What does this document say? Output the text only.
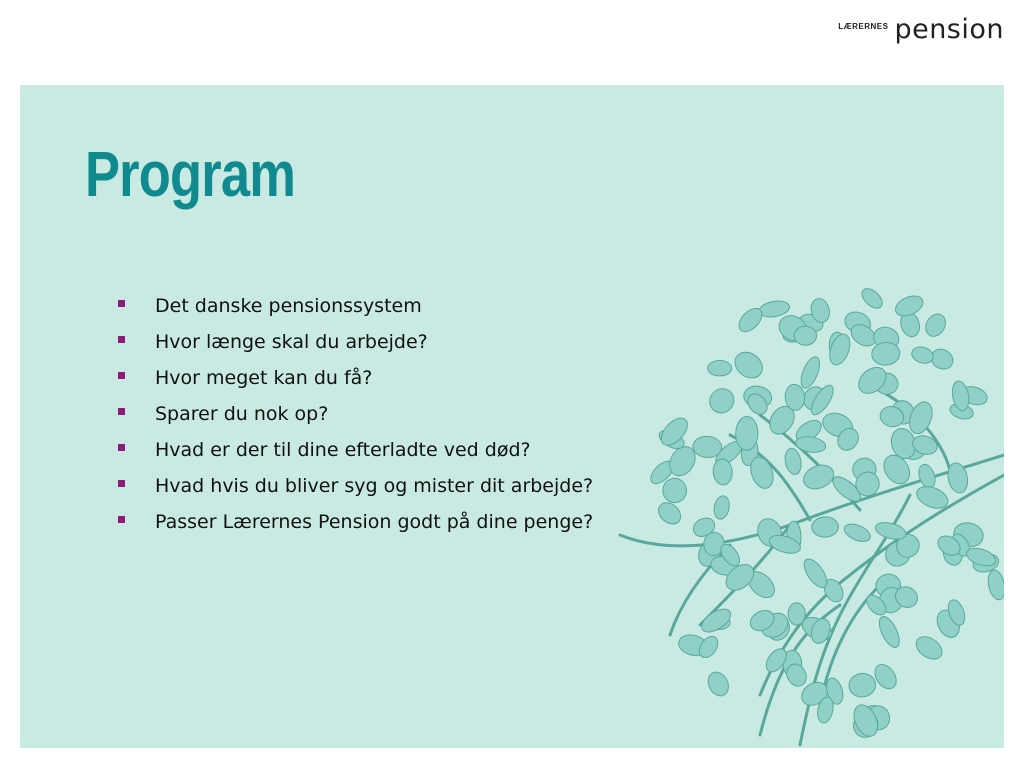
LÆRERNES pension
Program
Det danske pensionssystem
Hvor længe skal du arbejde?
Hvor meget kan du få?
Sparer du nok op?
Hvad er der til dine efterladte ved død?
Hvad hvis du bliver syg og mister dit arbejde?
Passer Lærernes Pension godt på dine penge?
